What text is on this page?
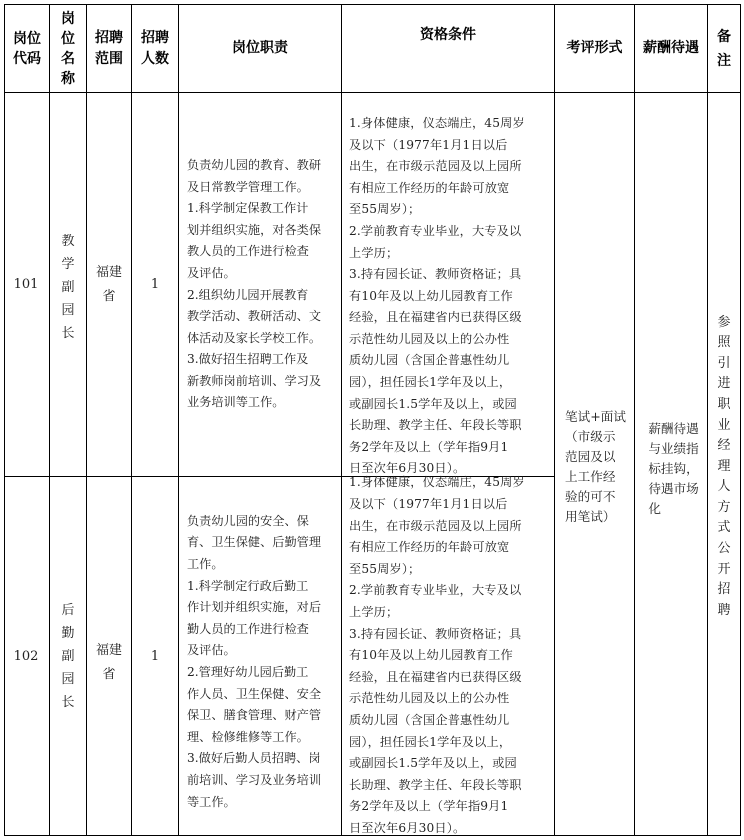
岗位
代码
岗
位
名
称
招聘
范围
招聘
人数
岗位职责
资格条件
考评形式	薪酬待遇
备
注
101
教
学
副
园
长
福建
省
1
负责幼儿园的教育、教研
及日常教学管理工作。
1.科学制定保教工作计
划并组织实施，对各类保
教人员的工作进行检查
及评估。
2.组织幼儿园开展教育
教学活动、教研活动、文
体活动及家长学校工作。
3.做好招生招聘工作及
新教师岗前培训、学习及
业务培训等工作。
1.身体健康，仪态端庄，45周岁
及以下（1977年1月1日以后
出生，在市级示范园及以上园所
有相应工作经历的年龄可放宽
至55周岁）；
2.学前教育专业毕业，大专及以
上学历；
3.持有园长证、教师资格证；具
有10年及以上幼儿园教育工作
经验，且在福建省内已获得区级
示范性幼儿园及以上的公办性
质幼儿园（含国企普惠性幼儿
园），担任园长1学年及以上，
或副园长1.5学年及以上，或园
长助理、教学主任、年段长等职
务2学年及以上（学年指9月1
日至次年6月30日）。
102
后
勤
副
园
长
福建
省
1
负责幼儿园的安全、保
育、卫生保健、后勤管理
工作。
1.科学制定行政后勤工
作计划并组织实施，对后
勤人员的工作进行检查
及评估。
2.管理好幼儿园后勤工
作人员、卫生保健、安全
保卫、膳食管理、财产管
理、检修维修等工作。
3.做好后勤人员招聘、岗
前培训、学习及业务培训
等工作。
1.身体健康，仪态端庄，45周岁
及以下（1977年1月1日以后
出生，在市级示范园及以上园所
有相应工作经历的年龄可放宽
至55周岁）；
2.学前教育专业毕业，大专及以
上学历；
3.持有园长证、教师资格证；具
有10年及以上幼儿园教育工作
经验，且在福建省内已获得区级
示范性幼儿园及以上的公办性
质幼儿园（含国企普惠性幼儿
园），担任园长1学年及以上，
或副园长1.5学年及以上，或园
长助理、教学主任、年段长等职
务2学年及以上（学年指9月1
日至次年6月30日）。
笔试+面试
（市级示
范园及以
上工作经
验的可不
用笔试）
薪酬待遇
与业绩指
标挂钩，
待遇市场
化
参
照
引
进
职
业
经
理
人
方
式
公
开
招
聘
